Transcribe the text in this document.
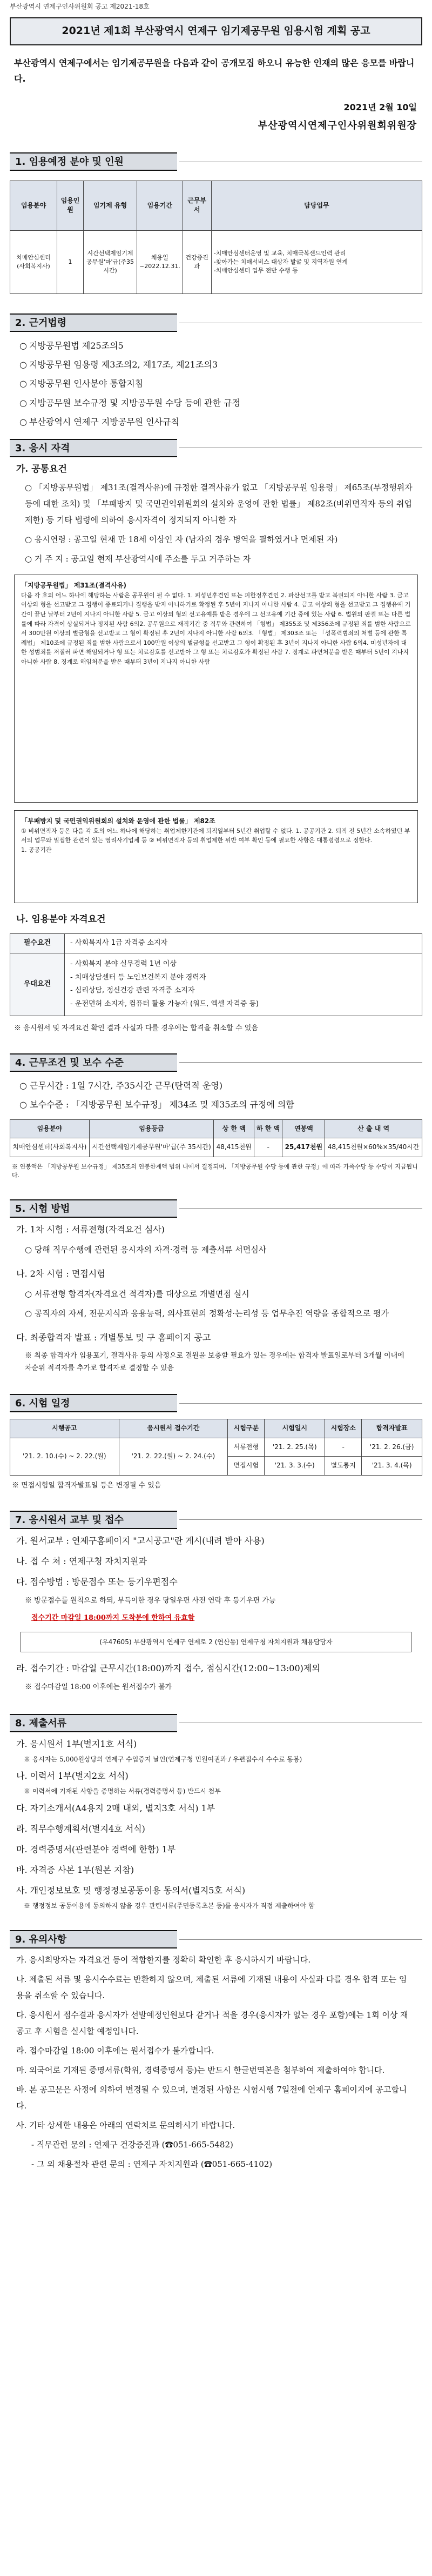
부산광역시 연제구인사위원회 공고 제2021-18호
2021년 제1회 부산광역시 연제구 임기제공무원 임용시험 계획 공고
부산광역시 연제구에서는 임기제공무원을 다음과 같이 공개모집 하오니 유능한 인재의 많은 응모를 바랍니다.
2021년 2월 10일
부산광역시연제구인사위원회위원장
1. 임용예정 분야 및 인원
임용분야	임용인원	임기제 유형	임용기간	근무부서	담당업무
치매안심센터(사회복지사)	1	시간선택제임기제공무원'마'급(주35시간)	채용일~2022.12.31.	건강증진과	-치매안심센터운영 및 교육, 치매극복센드인력 관리
-찾아가는 치매서비스 대상자 발굴 및 지역자원 연계
-치매안심센터 업무 전반 수행 등
2. 근거법령
○ 지방공무원법 제25조의5
○ 지방공무원 임용령 제3조의2, 제17조, 제21조의3
○ 지방공무원 인사분야 통합지침
○ 지방공무원 보수규정 및 지방공무원 수당 등에 관한 규정
○ 부산광역시 연제구 지방공무원 인사규칙
3. 응시 자격
가. 공통요건
○ 「지방공무원법」 제31조(결격사유)에 규정한 결격사유가 없고 「지방공무원 임용령」 제65조(부정행위자 등에 대한 조치) 및 「부패방지 및 국민권익위원회의 설치와 운영에 관한 법률」 제82조(비위면직자 등의 취업제한) 등 기타 법령에 의하여 응시자격이 정지되지 아니한 자
○ 응시연령 : 공고일 현재 만 18세 이상인 자 (남자의 경우 병역을 필하였거나 면제된 자)
○ 거 주 지 : 공고일 현재 부산광역시에 주소를 두고 거주하는 자
「지방공무원법」 제31조(결격사유)
다음 각 호의 어느 하나에 해당하는 사람은 공무원이 될 수 없다. 1. 피성년후견인 또는 피한정후견인 2. 파산선고를 받고 복권되지 아니한 사람 3. 금고 이상의 형을 선고받고 그 집행이 종료되거나 집행을 받지 아니하기로 확정된 후 5년이 지나지 아니한 사람 4. 금고 이상의 형을 선고받고 그 집행유예 기간이 끝난 날부터 2년이 지나지 아니한 사람 5. 금고 이상의 형의 선고유예를 받은 경우에 그 선고유예 기간 중에 있는 사람 6. 법원의 판결 또는 다른 법률에 따라 자격이 상실되거나 정지된 사람 6의2. 공무원으로 재직기간 중 직무와 관련하여 「형법」 제355조 및 제356조에 규정된 죄를 범한 사람으로서 300만원 이상의 벌금형을 선고받고 그 형이 확정된 후 2년이 지나지 아니한 사람 6의3. 「형법」 제303조 또는 「성폭력범죄의 처벌 등에 관한 특례법」 제10조에 규정된 죄를 범한 사람으로서 100만원 이상의 벌금형을 선고받고 그 형이 확정된 후 3년이 지나지 아니한 사람 6의4. 미성년자에 대한 성범죄를 저질러 파면·해임되거나 형 또는 치료감호를 선고받아 그 형 또는 치료감호가 확정된 사람 7. 징계로 파면처분을 받은 때부터 5년이 지나지 아니한 사람 8. 징계로 해임처분을 받은 때부터 3년이 지나지 아니한 사람
「부패방지 및 국민권익위원회의 설치와 운영에 관한 법률」 제82조
① 비위면직자 등은 다음 각 호의 어느 하나에 해당하는 취업제한기관에 퇴직일부터 5년간 취업할 수 없다. 1. 공공기관 2. 퇴직 전 5년간 소속하였던 부서의 업무와 밀접한 관련이 있는 영리사기업체 등 ② 비위면직자 등의 취업제한 위반 여부 확인 등에 필요한 사항은 대통령령으로 정한다.
1. 공공기관
나. 임용분야 자격요건
필수요건	- 사회복지사 1급 자격증 소지자
우대요건	- 사회복지 분야 실무경력 1년 이상
- 치매상담센터 등 노인보건복지 분야 경력자
- 심리상담, 정신건강 관련 자격증 소지자
- 운전면허 소지자, 컴퓨터 활용 가능자 (워드, 엑셀 자격증 등)
※ 응시원서 및 자격요건 확인 결과 사실과 다를 경우에는 합격을 취소할 수 있음
4. 근무조건 및 보수 수준
○ 근무시간 : 1일 7시간, 주35시간 근무(탄력적 운영)
○ 보수수준 : 「지방공무원 보수규정」 제34조 및 제35조의 규정에 의함
임용분야	임용등급	상 한 액	하 한 액	연봉액	산 출 내 역
치매안심센터(사회복지사)	시간선택제임기제공무원'마'급(주 35시간)	48,415천원	-	25,417천원	48,415천원×60%×35/40시간
※ 연봉액은 「지방공무원 보수규정」 제35조의 연봉한계액 범위 내에서 결정되며, 「지방공무원 수당 등에 관한 규정」에 따라 가족수당 등 수당이 지급됩니다.
5. 시험 방법
가. 1차 시험 : 서류전형(자격요건 심사)
○ 당해 직무수행에 관련된 응시자의 자격·경력 등 제출서류 서면심사
나. 2차 시험 : 면접시험
○ 서류전형 합격자(자격요건 적격자)를 대상으로 개별면접 실시
○ 공직자의 자세, 전문지식과 응용능력, 의사표현의 정확성·논리성 등 업무추진 역량을 종합적으로 평가
다. 최종합격자 발표 : 개별통보 및 구 홈페이지 공고
※ 최종 합격자가 임용포기, 결격사유 등의 사정으로 결원을 보충할 필요가 있는 경우에는 합격자 발표일로부터 3개월 이내에 차순위 적격자를 추가로 합격자로 결정할 수 있음
6. 시험 일정
시행공고	응시원서 접수기간	시험구분	시험일시	시험장소	합격자발표
'21. 2. 10.(수) ~ 2. 22.(월)	'21. 2. 22.(월) ~ 2. 24.(수)	서류전형	'21. 2. 25.(목)	-	'21. 2. 26.(금)
		면접시험	'21. 3. 3.(수)	별도통지	'21. 3. 4.(목)
※ 면접시험일 합격자발표일 등은 변경될 수 있음
7. 응시원서 교부 및 접수
가. 원서교부 : 연제구홈페이지 "고시공고"란 게시(내려 받아 사용)
나. 접 수 처 : 연제구청 자치지원과
다. 접수방법 : 방문접수 또는 등기우편접수
※ 방문접수를 원칙으로 하되, 부득이한 경우 당일우편 사전 연락 후 등기우편 가능
접수기간 마감일 18:00까지 도착분에 한하여 유효함
(우47605) 부산광역시 연제구 연제로 2 (연산동) 연제구청 자치지원과 채용담당자
라. 접수기간 : 마감일 근무시간(18:00)까지 접수, 점심시간(12:00~13:00)제외
※ 접수마감일 18:00 이후에는 원서접수가 불가
8. 제출서류
가. 응시원서 1부(별지1호 서식)
※ 응시자는 5,000원상당의 연제구 수입증지 날인(연제구청 민원여권과 / 우편접수시 수수료 동봉)
나. 이력서 1부(별지2호 서식)
※ 이력서에 기재된 사항을 증명하는 서류(경력증명서 등) 반드시 첨부
다. 자기소개서(A4용지 2매 내외, 별지3호 서식) 1부
라. 직무수행계획서(별지4호 서식)
마. 경력증명서(관련분야 경력에 한함) 1부
바. 자격증 사본 1부(원본 지참)
사. 개인정보보호 및 행정정보공동이용 동의서(별지5호 서식)
※ 행정정보 공동이용에 동의하지 않을 경우 관련서류(주민등록초본 등)를 응시자가 직접 제출하여야 함
9. 유의사항
가. 응시희망자는 자격요건 등이 적합한지를 정확히 확인한 후 응시하시기 바랍니다.
나. 제출된 서류 및 응시수수료는 반환하지 않으며, 제출된 서류에 기재된 내용이 사실과 다를 경우 합격 또는 임용을 취소할 수 있습니다.
다. 응시원서 접수결과 응시자가 선발예정인원보다 같거나 적을 경우(응시자가 없는 경우 포함)에는 1회 이상 재공고 후 시험을 실시할 예정입니다.
라. 접수마감일 18:00 이후에는 원서접수가 불가합니다.
마. 외국어로 기재된 증명서류(학위, 경력증명서 등)는 반드시 한글번역본을 첨부하여 제출하여야 합니다.
바. 본 공고문은 사정에 의하여 변경될 수 있으며, 변경된 사항은 시험시행 7일전에 연제구 홈페이지에 공고합니다.
사. 기타 상세한 내용은 아래의 연락처로 문의하시기 바랍니다.
- 직무관련 문의 : 연제구 건강증진과 (☎051-665-5482)
- 그 외 채용절차 관련 문의 : 연제구 자치지원과 (☎051-665-4102)
